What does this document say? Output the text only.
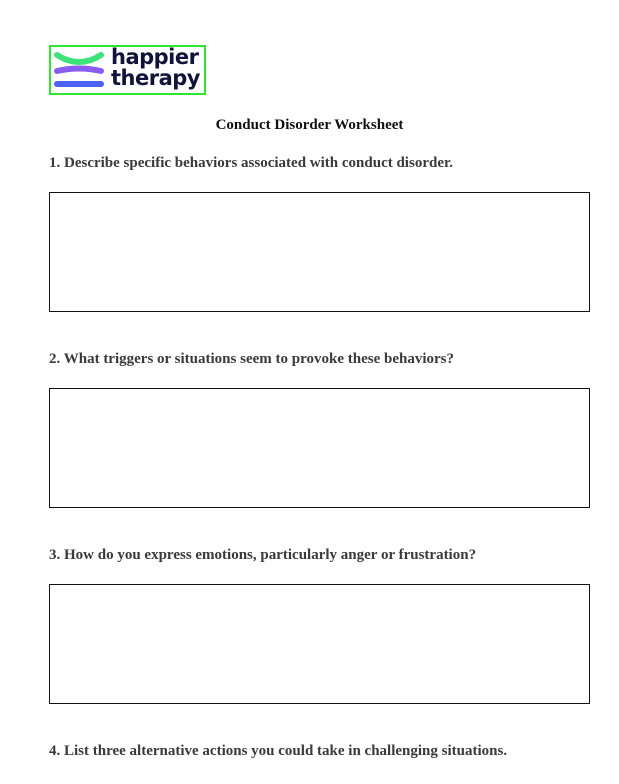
happier
therapy
Conduct Disorder Worksheet
1. Describe specific behaviors associated with conduct disorder.
2. What triggers or situations seem to provoke these behaviors?
3. How do you express emotions, particularly anger or frustration?
4. List three alternative actions you could take in challenging situations.
